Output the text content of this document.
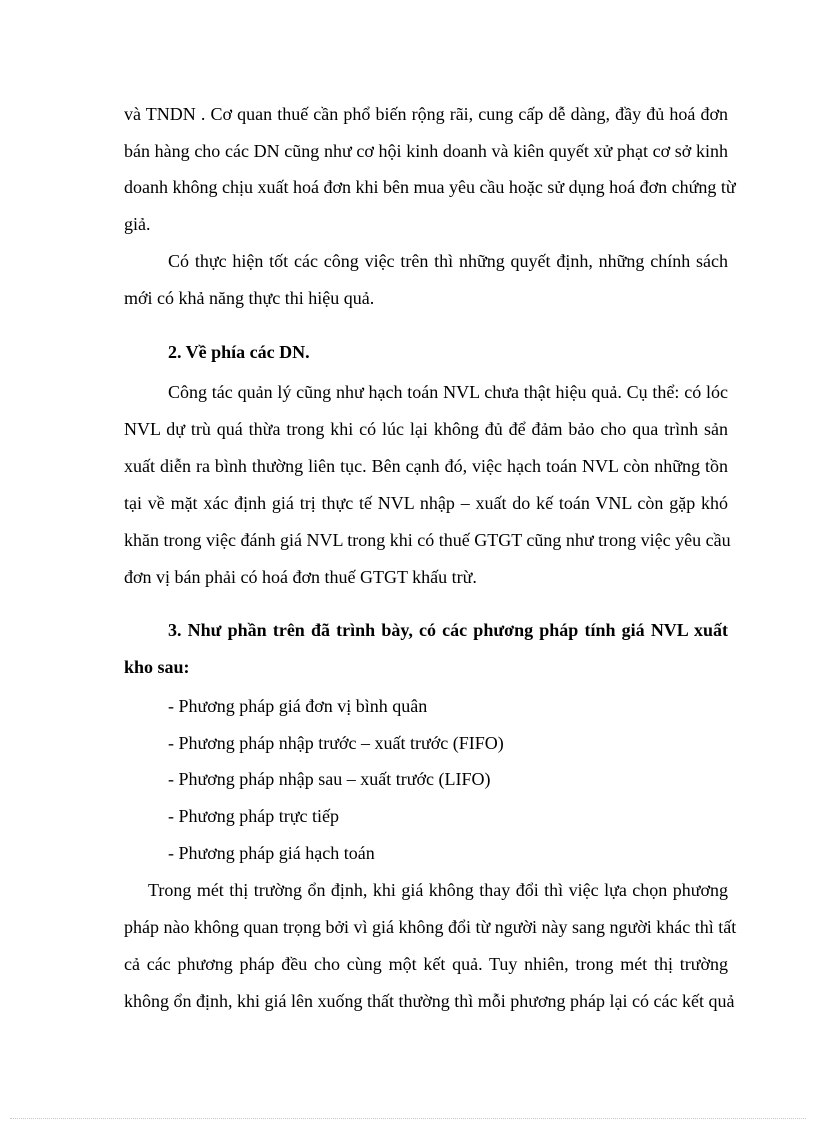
và TNDN . Cơ quan thuế cần phổ biến rộng rãi, cung cấp dễ dàng, đầy đủ hoá đơn
bán hàng cho các DN cũng như cơ hội kinh doanh và kiên quyết xử phạt cơ sở kinh
doanh không chịu xuất hoá đơn khi bên mua yêu cầu hoặc sử dụng hoá đơn chứng từ
giả.
Có thực hiện tốt các công việc trên thì những quyết định, những chính sách
mới có khả năng thực thi hiệu quả.
2. Về phía các DN.
Công tác quản lý cũng như hạch toán NVL chưa thật hiệu quả. Cụ thể: có lóc
NVL dự trù quá thừa trong khi có lúc lại không đủ để đảm bảo cho qua trình sản
xuất diễn ra bình thường liên tục. Bên cạnh đó, việc hạch toán NVL còn những tồn
tại về mặt xác định giá trị thực tế NVL nhập – xuất do kế toán VNL còn gặp khó
khăn trong việc đánh giá NVL trong khi có thuế GTGT cũng như trong việc yêu cầu
đơn vị bán phải có hoá đơn thuế GTGT khấu trừ.
3. Như phần trên đã trình bày, có các phương pháp tính giá NVL xuất
kho sau:
- Phương pháp giá đơn vị bình quân
- Phương pháp nhập trước – xuất trước (FIFO)
- Phương pháp nhập sau – xuất trước (LIFO)
- Phương pháp trực tiếp
- Phương pháp giá hạch toán
Trong mét thị trường ổn định, khi giá không thay đổi thì việc lựa chọn phương
pháp nào không quan trọng bởi vì giá không đổi từ người này sang người khác thì tất
cả các phương pháp đều cho cùng một kết quả. Tuy nhiên, trong mét thị trường
không ổn định, khi giá lên xuống thất thường thì mỗi phương pháp lại có các kết quả
